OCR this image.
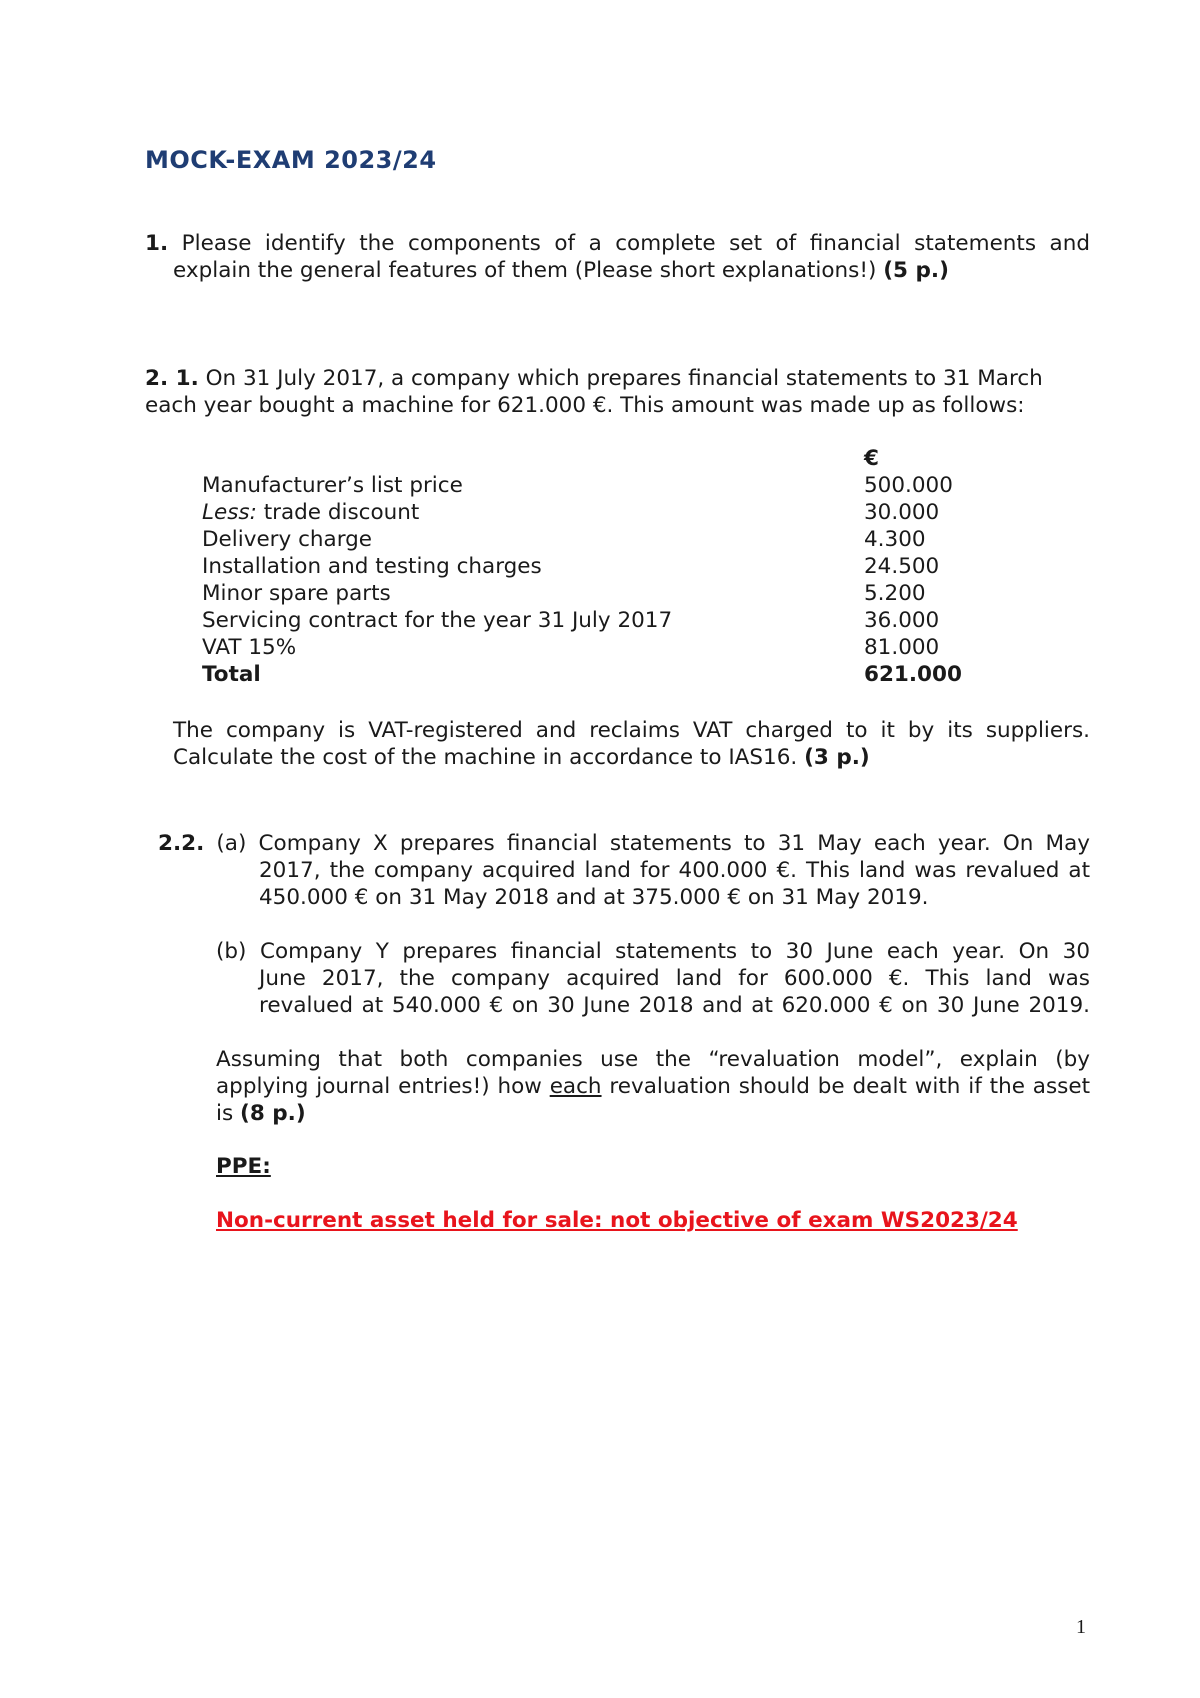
MOCK-EXAM 2023/24
1. Please identify the components of a complete set of financial statements and
explain the general features of them (Please short explanations!) (5 p.)
2. 1. On 31 July 2017, a company which prepares financial statements to 31 March
each year bought a machine for 621.000 €. This amount was made up as follows:
€
Manufacturer’s list price	500.000
Less: trade discount	30.000
Delivery charge	4.300
Installation and testing charges	24.500
Minor spare parts	5.200
Servicing contract for the year 31 July 2017	36.000
VAT 15%	81.000
Total	621.000
The company is VAT-registered and reclaims VAT charged to it by its suppliers.
Calculate the cost of the machine in accordance to IAS16. (3 p.)
2.2. (a) Company X prepares financial statements to 31 May each year. On May
2017, the company acquired land for 400.000 €. This land was revalued at
450.000 € on 31 May 2018 and at 375.000 € on 31 May 2019.
(b) Company Y prepares financial statements to 30 June each year. On 30
June 2017, the company acquired land for 600.000 €. This land was
revalued at 540.000 € on 30 June 2018 and at 620.000 € on 30 June 2019.
Assuming that both companies use the “revaluation model”, explain (by
applying journal entries!) how each revaluation should be dealt with if the asset
is (8 p.)
PPE:
Non-current asset held for sale: not objective of exam WS2023/24
1
